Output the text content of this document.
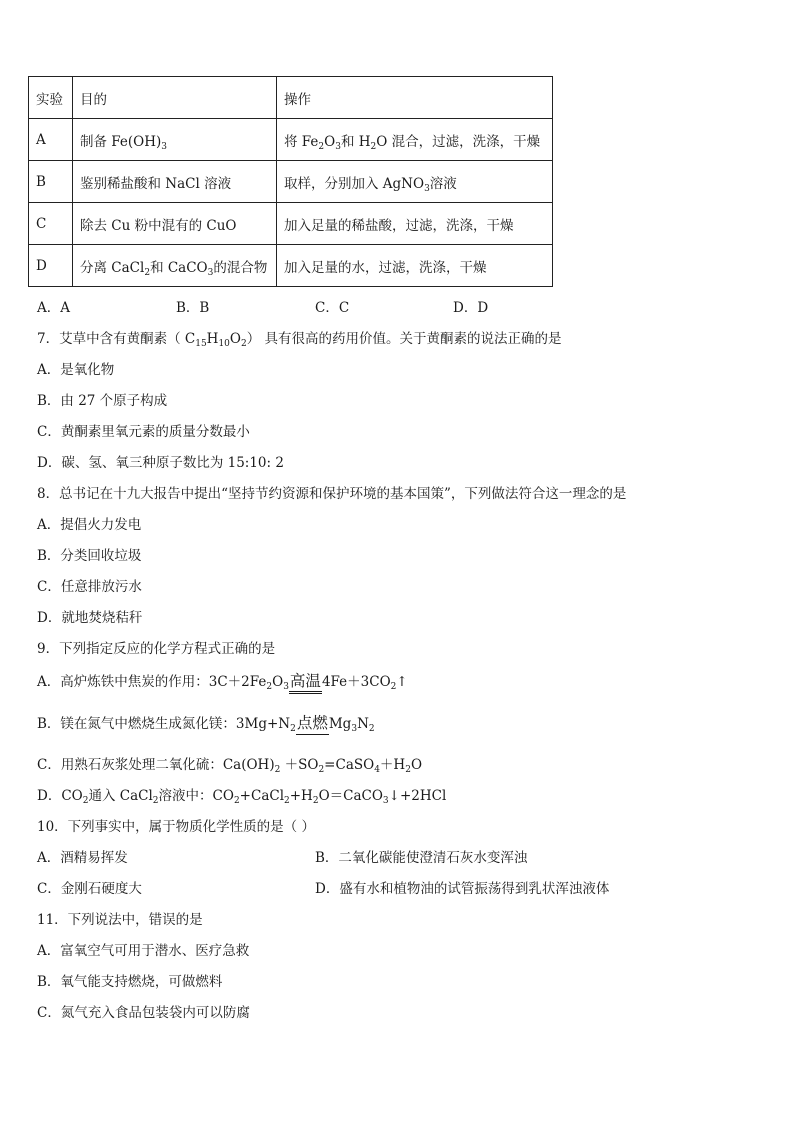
实验	目的	操作
A	制备 $Fe(OH)_3$	将 $Fe_2O_3$和 $H_2O$ 混合，过滤，洗涤，干燥
B	鉴别稀盐酸和 NaCl 溶液	取样，分别加入 AgNO$_3$溶液
C	除去 Cu 粉中混有的 CuO	加入足量的稀盐酸，过滤，洗涤，干燥
D	分离 CaCl$_2$和 CaCO$_3$的混合物	加入足量的水，过滤，洗涤，干燥
A．A	B．B	C．C	D．D
7．艾草中含有黄酮素（ $C_{15}H_{10}O_2$） 具有很高的药用价值。关于黄酮素的说法正确的是
A．是氧化物
B．由 27 个原子构成
C．黄酮素里氧元素的质量分数最小
D．碳、氢、氧三种原子数比为 15:10: 2
8．总书记在十九大报告中提出“坚持节约资源和保护环境的基本国策”，下列做法符合这一理念的是
A．提倡火力发电
B．分类回收垃圾
C．任意排放污水
D．就地焚烧秸秆
9．下列指定反应的化学方程式正确的是
A．高炉炼铁中焦炭的作用：$3C+2Fe_2O_3$高温$4Fe+3CO_2↑$
B．镁在氮气中燃烧生成氮化镁：$3Mg+N_2$点燃$Mg_3N_2$
C．用熟石灰浆处理二氧化硫：$Ca(OH)_2$ $+SO_2=CaSO_4+H_2O$
D．$CO_2$通入 CaCl$_2$溶液中：$CO_2+CaCl_2+H_2O=CaCO_3↓+2HCl$
10．下列事实中，属于物质化学性质的是（ ）
A．酒精易挥发	B．二氧化碳能使澄清石灰水变浑浊
C．金刚石硬度大	D．盛有水和植物油的试管振荡得到乳状浑浊液体
11．下列说法中，错误的是
A．富氧空气可用于潜水、医疗急救
B．氧气能支持燃烧，可做燃料
C．氮气充入食品包装袋内可以防腐
